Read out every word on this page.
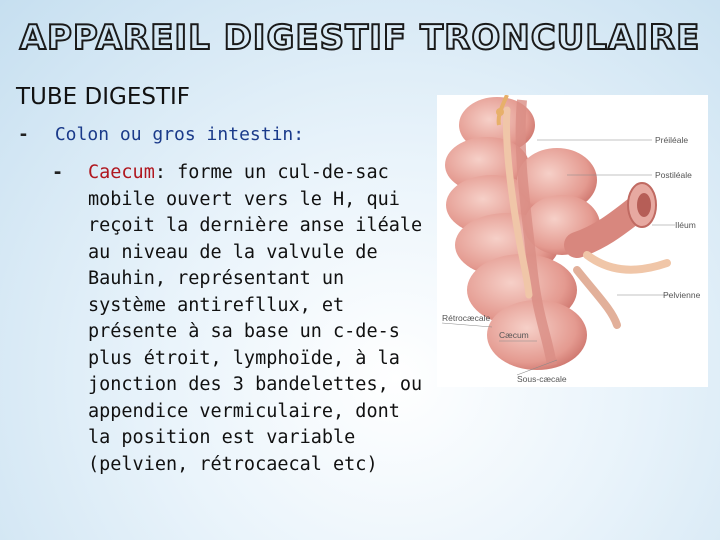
APPAREIL DIGESTIF TRONCULAIRE
TUBE DIGESTIF
- Colon ou gros intestin:
-	Caecum: forme un cul-de-sac mobile ouvert vers le H, qui reçoit la dernière anse iléale au niveau de la valvule de Bauhin, représentant un système antirefllux, et présente à sa base un c-de-s plus étroit, lymphoïde, à la jonction des 3 bandelettes, ou appendice vermiculaire, dont la position est variable (pelvien, rétrocaecal etc)
Préiléale
Postiléale
Iléum
Pelvienne
Rétrocæcale
Cæcum
Sous-cæcale
